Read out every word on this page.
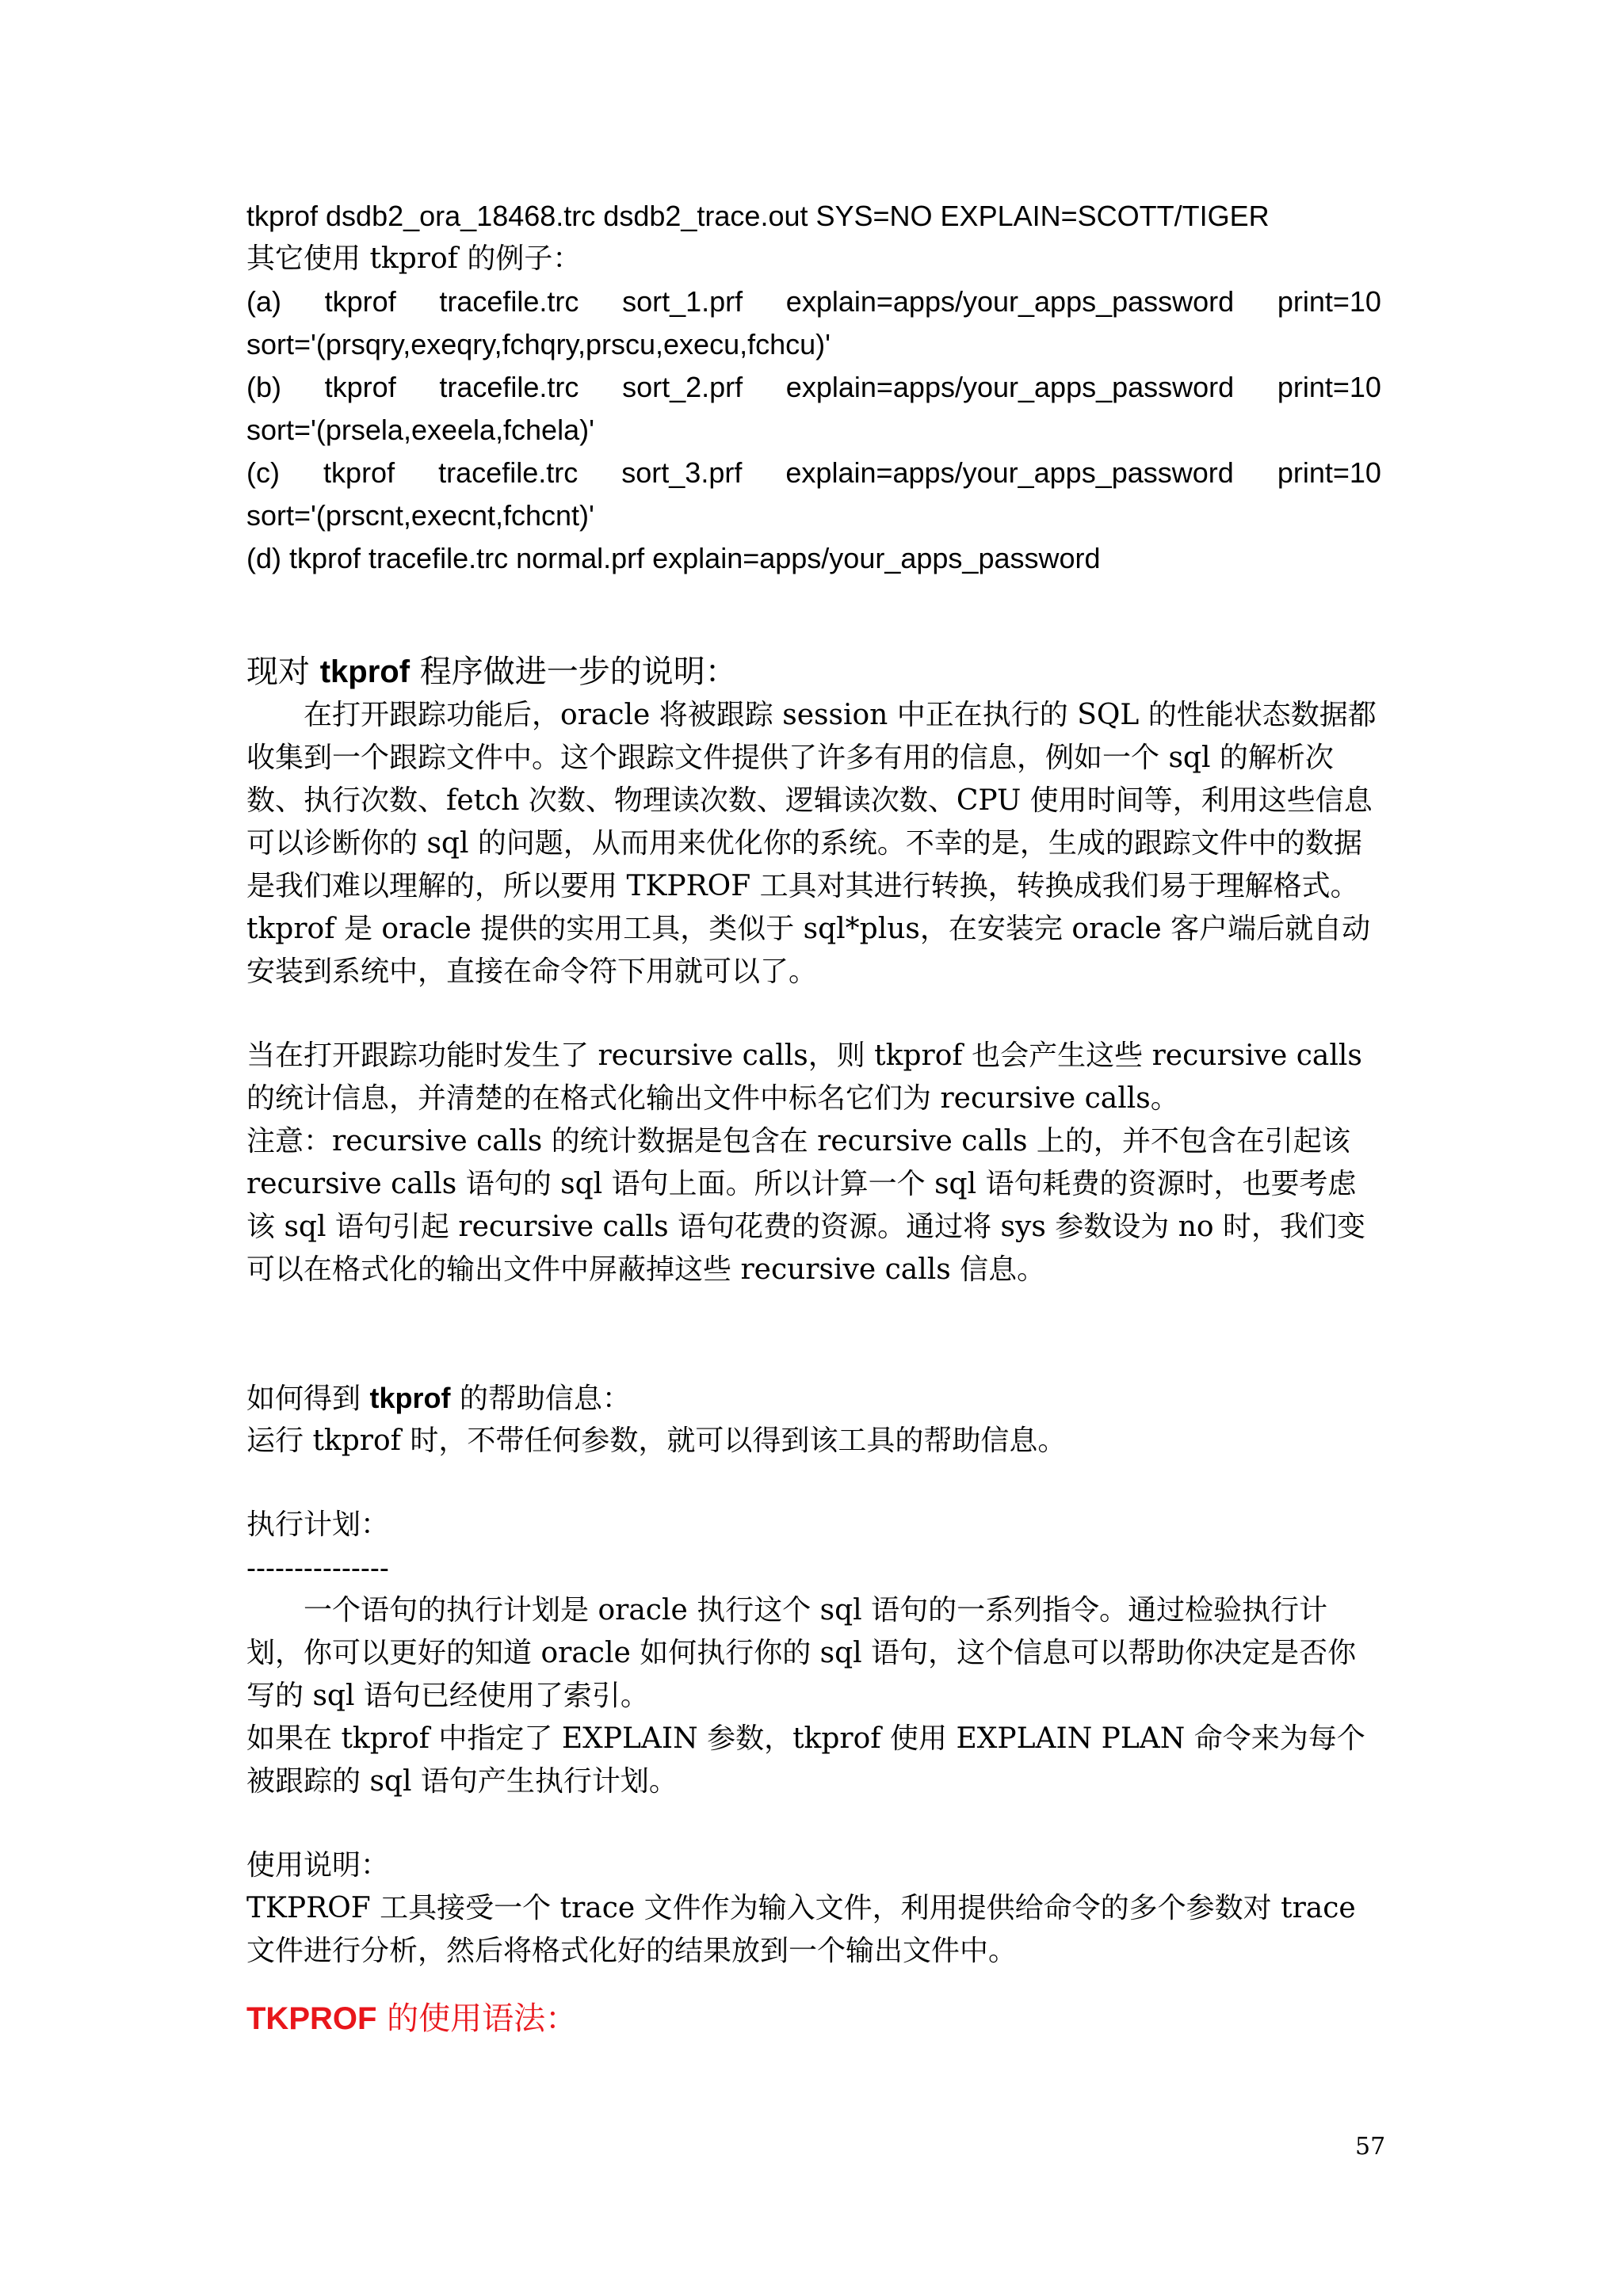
tkprof dsdb2_ora_18468.trc dsdb2_trace.out SYS=NO EXPLAIN=SCOTT/TIGER
其它使用 tkprof 的例子：
(a) tkprof tracefile.trc sort_1.prf explain=apps/your_apps_password print=10
sort='(prsqry,exeqry,fchqry,prscu,execu,fchcu)'
(b) tkprof tracefile.trc sort_2.prf explain=apps/your_apps_password print=10
sort='(prsela,exeela,fchela)'
(c) tkprof tracefile.trc sort_3.prf explain=apps/your_apps_password print=10
sort='(prscnt,execnt,fchcnt)'
(d) tkprof tracefile.trc normal.prf explain=apps/your_apps_password
现对 tkprof 程序做进一步的说明：

在打开跟踪功能后，oracle 将被跟踪 session 中正在执行的 SQL 的性能状态数据都收集到一个跟踪文件中。这个跟踪文件提供了许多有用的信息，例如一个 sql 的解析次数、执行次数、fetch 次数、物理读次数、逻辑读次数、CPU 使用时间等，利用这些信息可以诊断你的 sql 的问题，从而用来优化你的系统。不幸的是，生成的跟踪文件中的数据是我们难以理解的，所以要用 TKPROF 工具对其进行转换，转换成我们易于理解格式。tkprof 是 oracle 提供的实用工具，类似于 sql*plus，在安装完 oracle 客户端后就自动安装到系统中，直接在命令符下用就可以了。

当在打开跟踪功能时发生了 recursive calls，则 tkprof 也会产生这些 recursive calls 的统计信息，并清楚的在格式化输出文件中标名它们为 recursive calls。

注意：recursive calls 的统计数据是包含在 recursive calls 上的，并不包含在引起该 recursive calls 语句的 sql 语句上面。所以计算一个 sql 语句耗费的资源时，也要考虑该 sql 语句引起 recursive calls 语句花费的资源。通过将 sys 参数设为 no 时，我们变可以在格式化的输出文件中屏蔽掉这些 recursive calls 信息。

如何得到 tkprof 的帮助信息：
运行 tkprof 时，不带任何参数，就可以得到该工具的帮助信息。
执行计划：
---------------

一个语句的执行计划是 oracle 执行这个 sql 语句的一系列指令。通过检验执行计划，你可以更好的知道 oracle 如何执行你的 sql 语句，这个信息可以帮助你决定是否你写的 sql 语句已经使用了索引。

如果在 tkprof 中指定了 EXPLAIN 参数，tkprof 使用 EXPLAIN PLAN 命令来为每个被跟踪的 sql 语句产生执行计划。

使用说明：

TKPROF 工具接受一个 trace 文件作为输入文件，利用提供给命令的多个参数对 trace 文件进行分析，然后将格式化好的结果放到一个输出文件中。

TKPROF 的使用语法：
57
